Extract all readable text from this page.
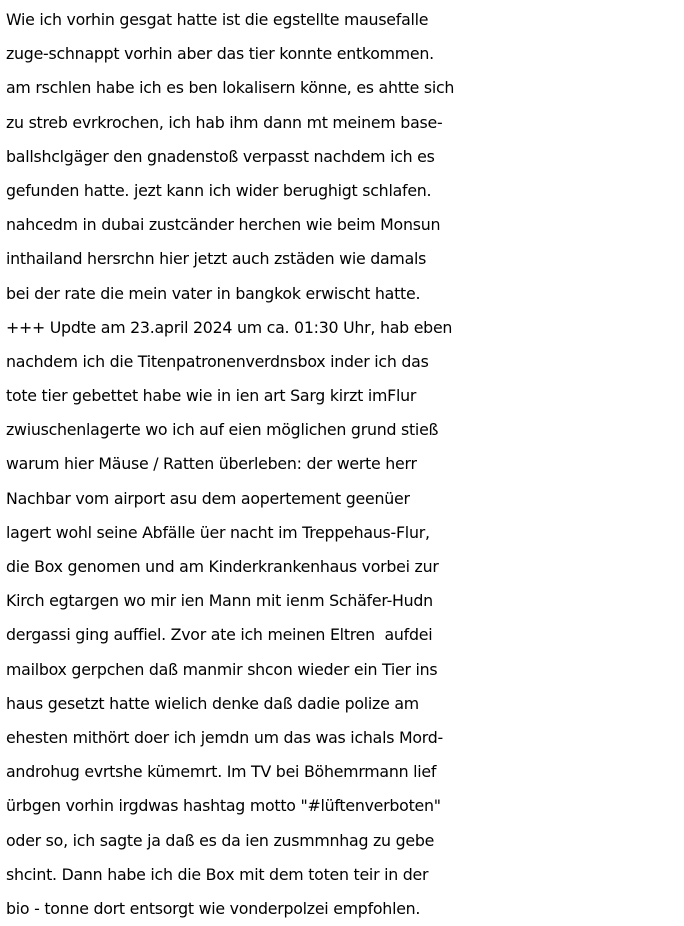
Wie ich vorhin gesgat hatte ist die egstellte mausefalle
zuge-schnappt vorhin aber das tier konnte entkommen.
am rschlen habe ich es ben lokalisern könne, es ahtte sich
zu streb evrkrochen, ich hab ihm dann mt meinem base-
ballshclgäger den gnadenstoß verpasst nachdem ich es
gefunden hatte. jezt kann ich wider berughigt schlafen.
nahcedm in dubai zustcänder herchen wie beim Monsun
inthailand hersrchn hier jetzt auch zstäden wie damals
bei der rate die mein vater in bangkok erwischt hatte.
+++ Updte am 23.april 2024 um ca. 01:30 Uhr, hab eben
nachdem ich die Titenpatronenverdnsbox inder ich das
tote tier gebettet habe wie in ien art Sarg kirzt imFlur
zwiuschenlagerte wo ich auf eien möglichen grund stieß
warum hier Mäuse / Ratten überleben: der werte herr
Nachbar vom airport asu dem aopertement geenüer
lagert wohl seine Abfälle üer nacht im Treppehaus-Flur,
die Box genomen und am Kinderkrankenhaus vorbei zur
Kirch egtargen wo mir ien Mann mit ienm Schäfer-Hudn
dergassi ging auffiel. Zvor ate ich meinen Eltren  aufdei
mailbox gerpchen daß manmir shcon wieder ein Tier ins
haus gesetzt hatte wielich denke daß dadie polize am
ehesten mithört doer ich jemdn um das was ichals Mord-
androhug evrtshe kümemrt. Im TV bei Böhemrmann lief
ürbgen vorhin irgdwas hashtag motto "#lüftenverboten"
oder so, ich sagte ja daß es da ien zusmmnhag zu gebe
shcint. Dann habe ich die Box mit dem toten teir in der
bio - tonne dort entsorgt wie vonderpolzei empfohlen.
